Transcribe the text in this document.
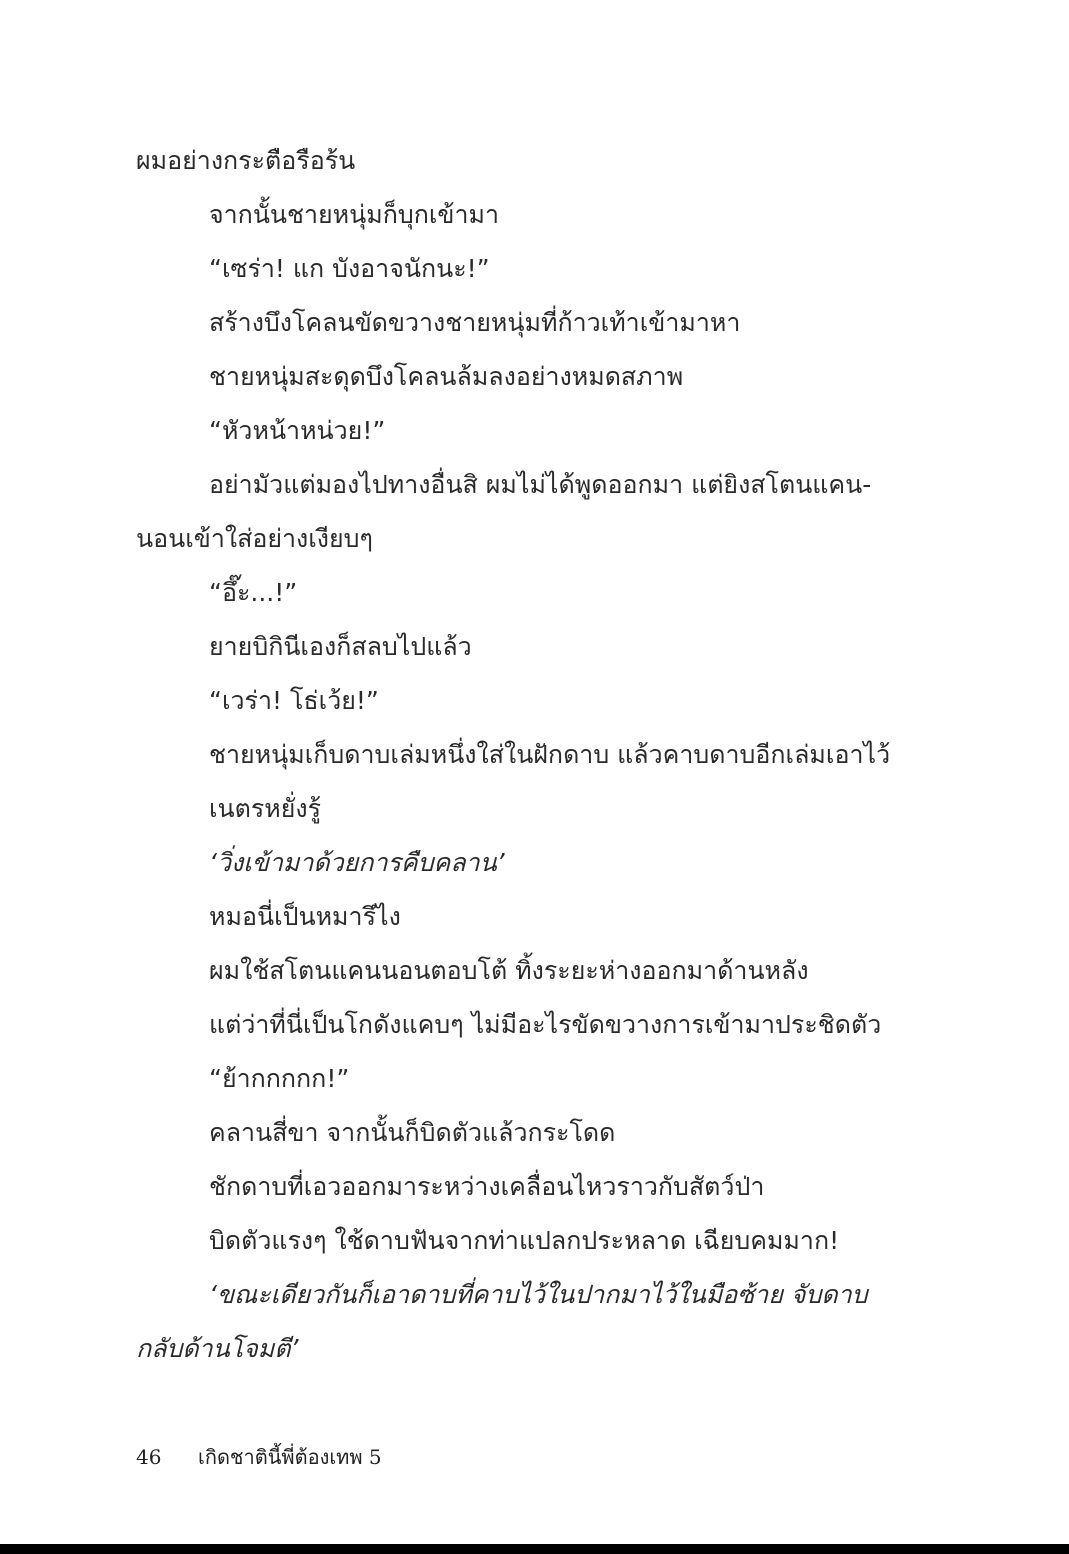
ผมอย่างกระตือรือร้น
จากนั้นชายหนุ่มก็บุกเข้ามา
“เซร่า! แก บังอาจนักนะ!”
สร้างบึงโคลนขัดขวางชายหนุ่มที่ก้าวเท้าเข้ามาหา
ชายหนุ่มสะดุดบึงโคลนล้มลงอย่างหมดสภาพ
“หัวหน้าหน่วย!”
อย่ามัวแต่มองไปทางอื่นสิ ผมไม่ได้พูดออกมา แต่ยิงสโตนแคน-
นอนเข้าใส่อย่างเงียบๆ
“อึ๊ะ...!”
ยายบิกินีเองก็สลบไปแล้ว
“เวร่า! โธ่เว้ย!”
ชายหนุ่มเก็บดาบเล่มหนึ่งใส่ในฝักดาบ แล้วคาบดาบอีกเล่มเอาไว้
เนตรหยั่งรู้
‘วิ่งเข้ามาด้วยการคืบคลาน’
หมอนี่เป็นหมารึไง
ผมใช้สโตนแคนนอนตอบโต้ ทิ้งระยะห่างออกมาด้านหลัง
แต่ว่าที่นี่เป็นโกดังแคบๆ ไม่มีอะไรขัดขวางการเข้ามาประชิดตัว
“ย้ากกกกก!”
คลานสี่ขา จากนั้นก็บิดตัวแล้วกระโดด
ชักดาบที่เอวออกมาระหว่างเคลื่อนไหวราวกับสัตว์ป่า
บิดตัวแรงๆ ใช้ดาบฟันจากท่าแปลกประหลาด เฉียบคมมาก!
‘ขณะเดียวกันก็เอาดาบที่คาบไว้ในปากมาไว้ในมือซ้าย จับดาบ
กลับด้านโจมตี’
46 เกิดชาตินี้พี่ต้องเทพ 5
